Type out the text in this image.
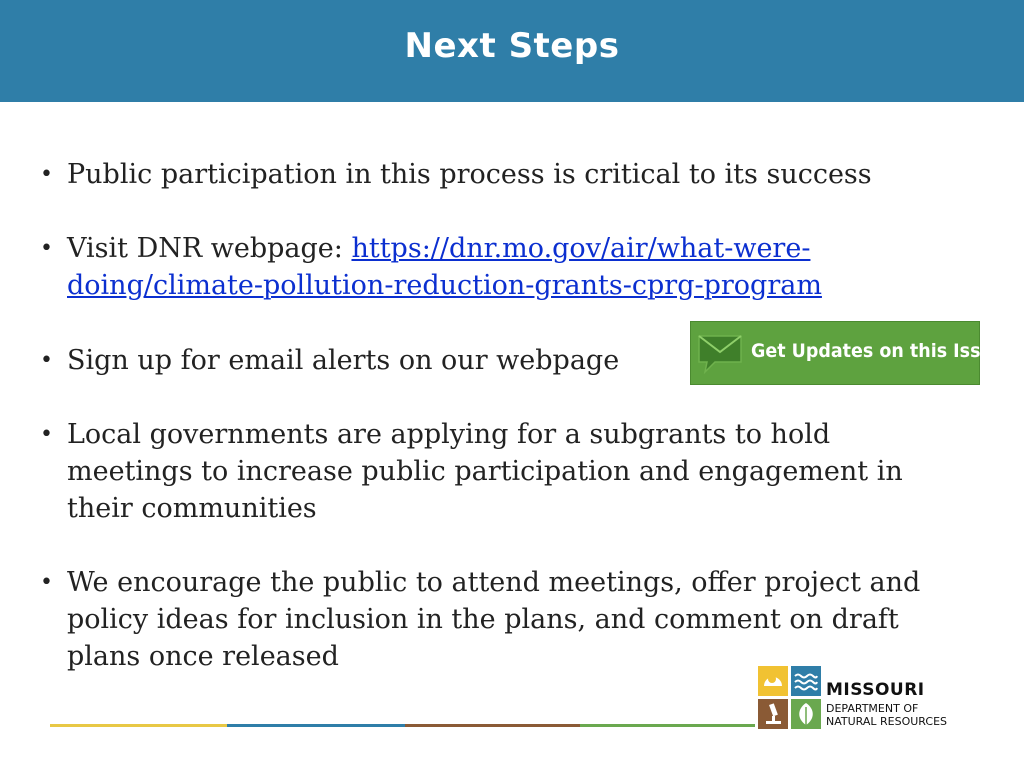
Next Steps
• Public participation in this process is critical to its success
• Visit DNR webpage: https://dnr.mo.gov/air/what-were-doing/climate-pollution-reduction-grants-cprg-program
• Sign up for email alerts on our webpage
• Local governments are applying for a subgrants to hold meetings to increase public participation and engagement in their communities
• We encourage the public to attend meetings, offer project and policy ideas for inclusion in the plans, and comment on draft plans once released
Get Updates on this Issue
MISSOURI
DEPARTMENT OF
NATURAL RESOURCES
